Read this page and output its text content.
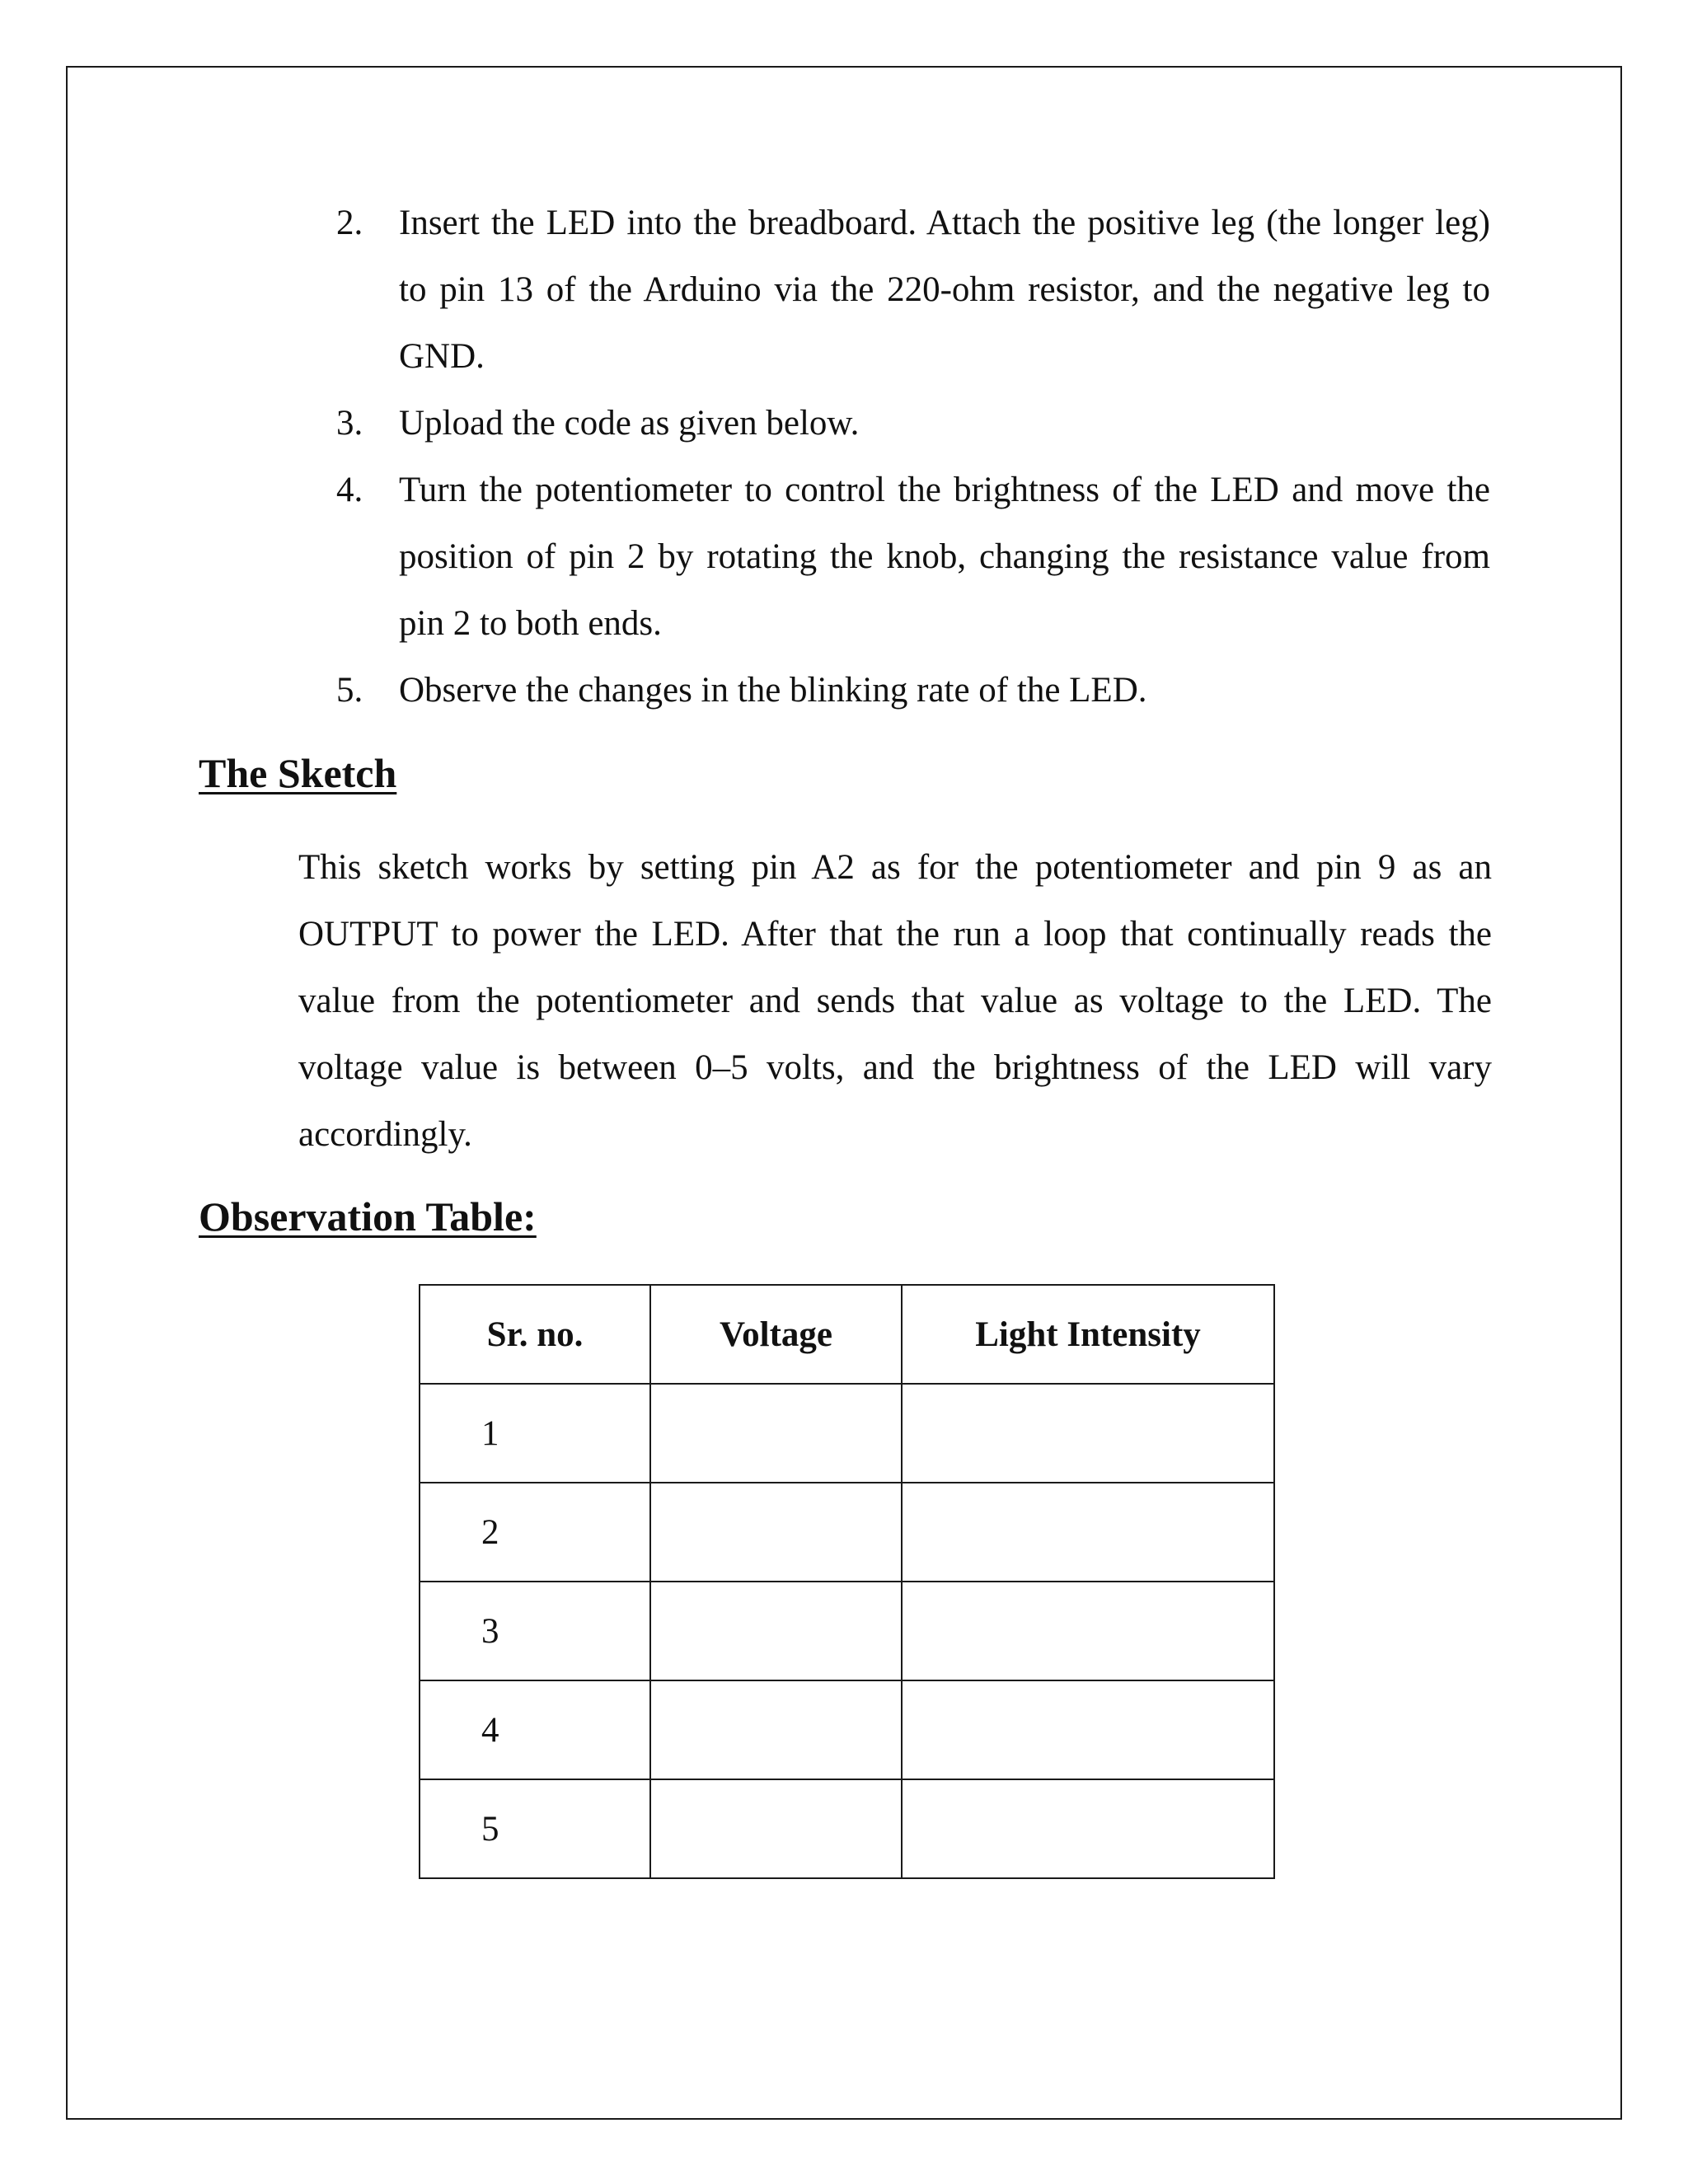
2. Insert the LED into the breadboard. Attach the positive leg (the longer leg) to pin 13 of the Arduino via the 220-ohm resistor, and the negative leg to GND.
3. Upload the code as given below.
4. Turn the potentiometer to control the brightness of the LED and move the position of pin 2 by rotating the knob, changing the resistance value from pin 2 to both ends.
5. Observe the changes in the blinking rate of the LED.
The Sketch

This sketch works by setting pin A2 as for the potentiometer and pin 9 as an OUTPUT to power the LED. After that the run a loop that continually reads the value from the potentiometer and sends that value as voltage to the LED. The voltage value is between 0–5 volts, and the brightness of the LED will vary accordingly.

Observation Table:
Sr. no.	Voltage	Light Intensity
1		
2		
3		
4		
5		
